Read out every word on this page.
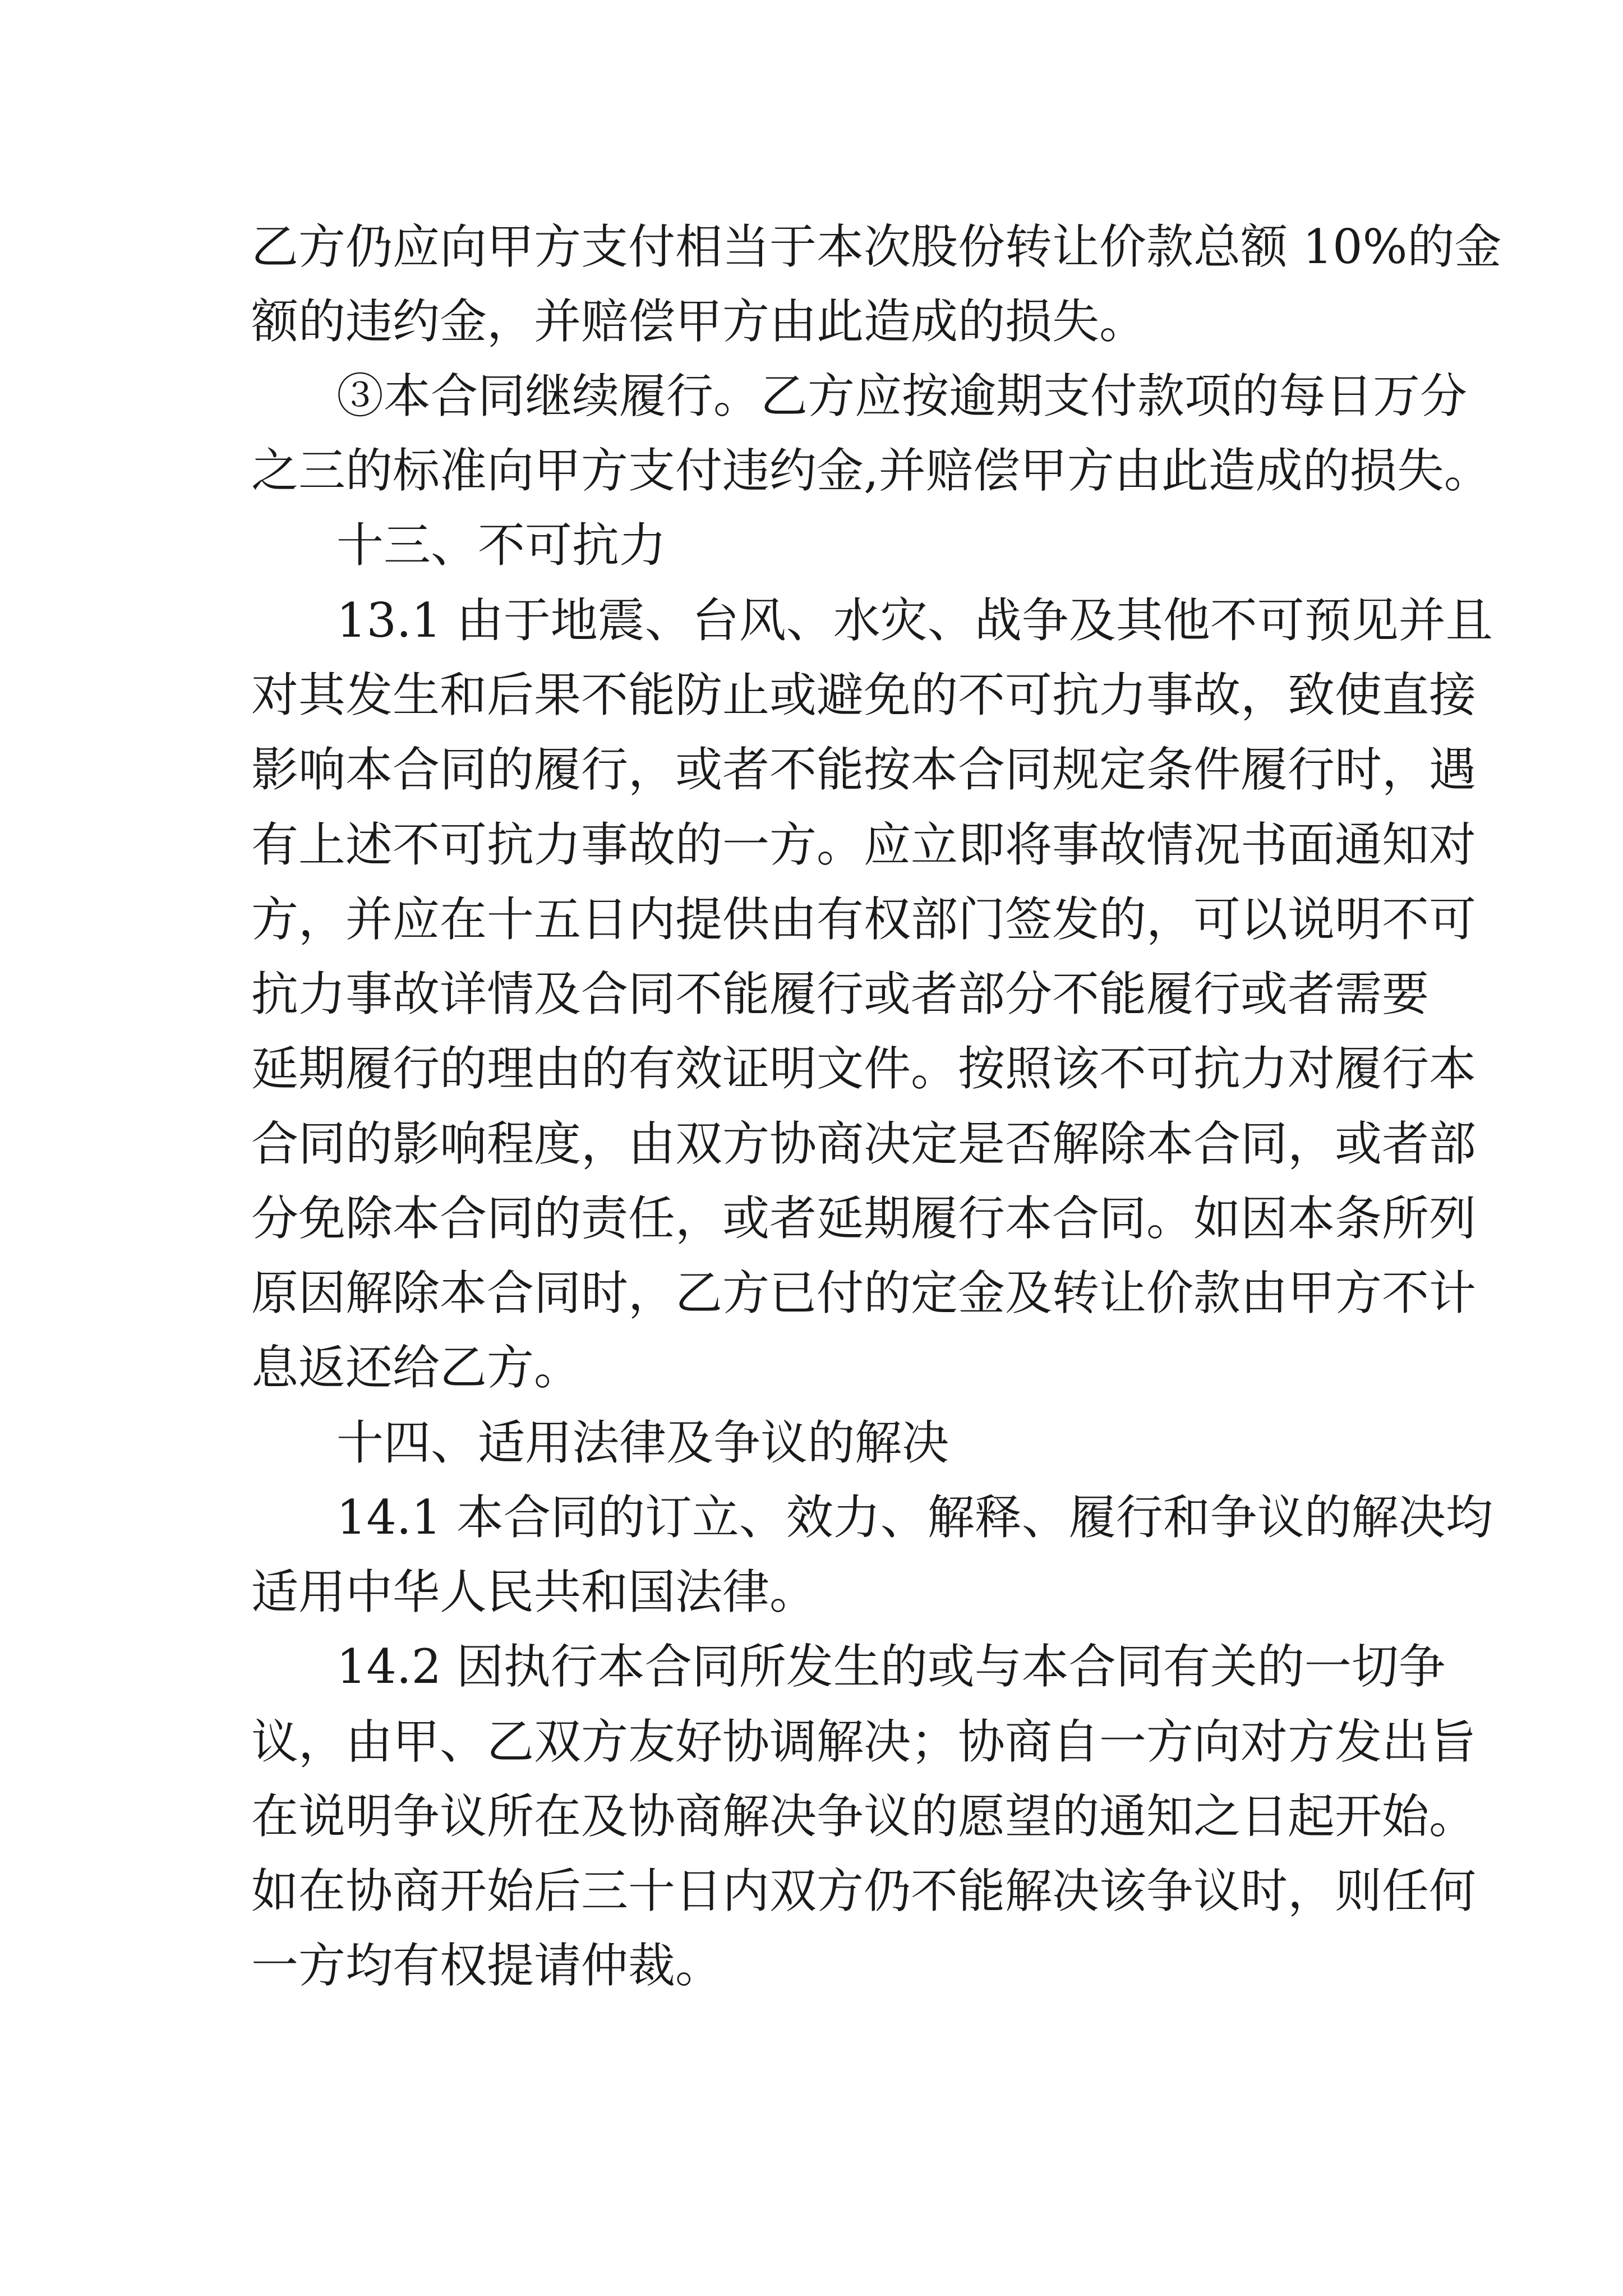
乙方仍应向甲方支付相当于本次股份转让价款总额 10%的金
额的违约金，并赔偿甲方由此造成的损失。
③本合同继续履行。乙方应按逾期支付款项的每日万分
之三的标准向甲方支付违约金,并赔偿甲方由此造成的损失。
十三、不可抗力
13.1 由于地震、台风、水灾、战争及其他不可预见并且
对其发生和后果不能防止或避免的不可抗力事故，致使直接
影响本合同的履行，或者不能按本合同规定条件履行时，遇
有上述不可抗力事故的一方。应立即将事故情况书面通知对
方，并应在十五日内提供由有权部门签发的，可以说明不可
抗力事故详情及合同不能履行或者部分不能履行或者需要
延期履行的理由的有效证明文件。按照该不可抗力对履行本
合同的影响程度，由双方协商决定是否解除本合同，或者部
分免除本合同的责任，或者延期履行本合同。如因本条所列
原因解除本合同时，乙方已付的定金及转让价款由甲方不计
息返还给乙方。
十四、适用法律及争议的解决
14.1 本合同的订立、效力、解释、履行和争议的解决均
适用中华人民共和国法律。
14.2 因执行本合同所发生的或与本合同有关的一切争
议，由甲、乙双方友好协调解决；协商自一方向对方发出旨
在说明争议所在及协商解决争议的愿望的通知之日起开始。
如在协商开始后三十日内双方仍不能解决该争议时，则任何
一方均有权提请仲裁。
